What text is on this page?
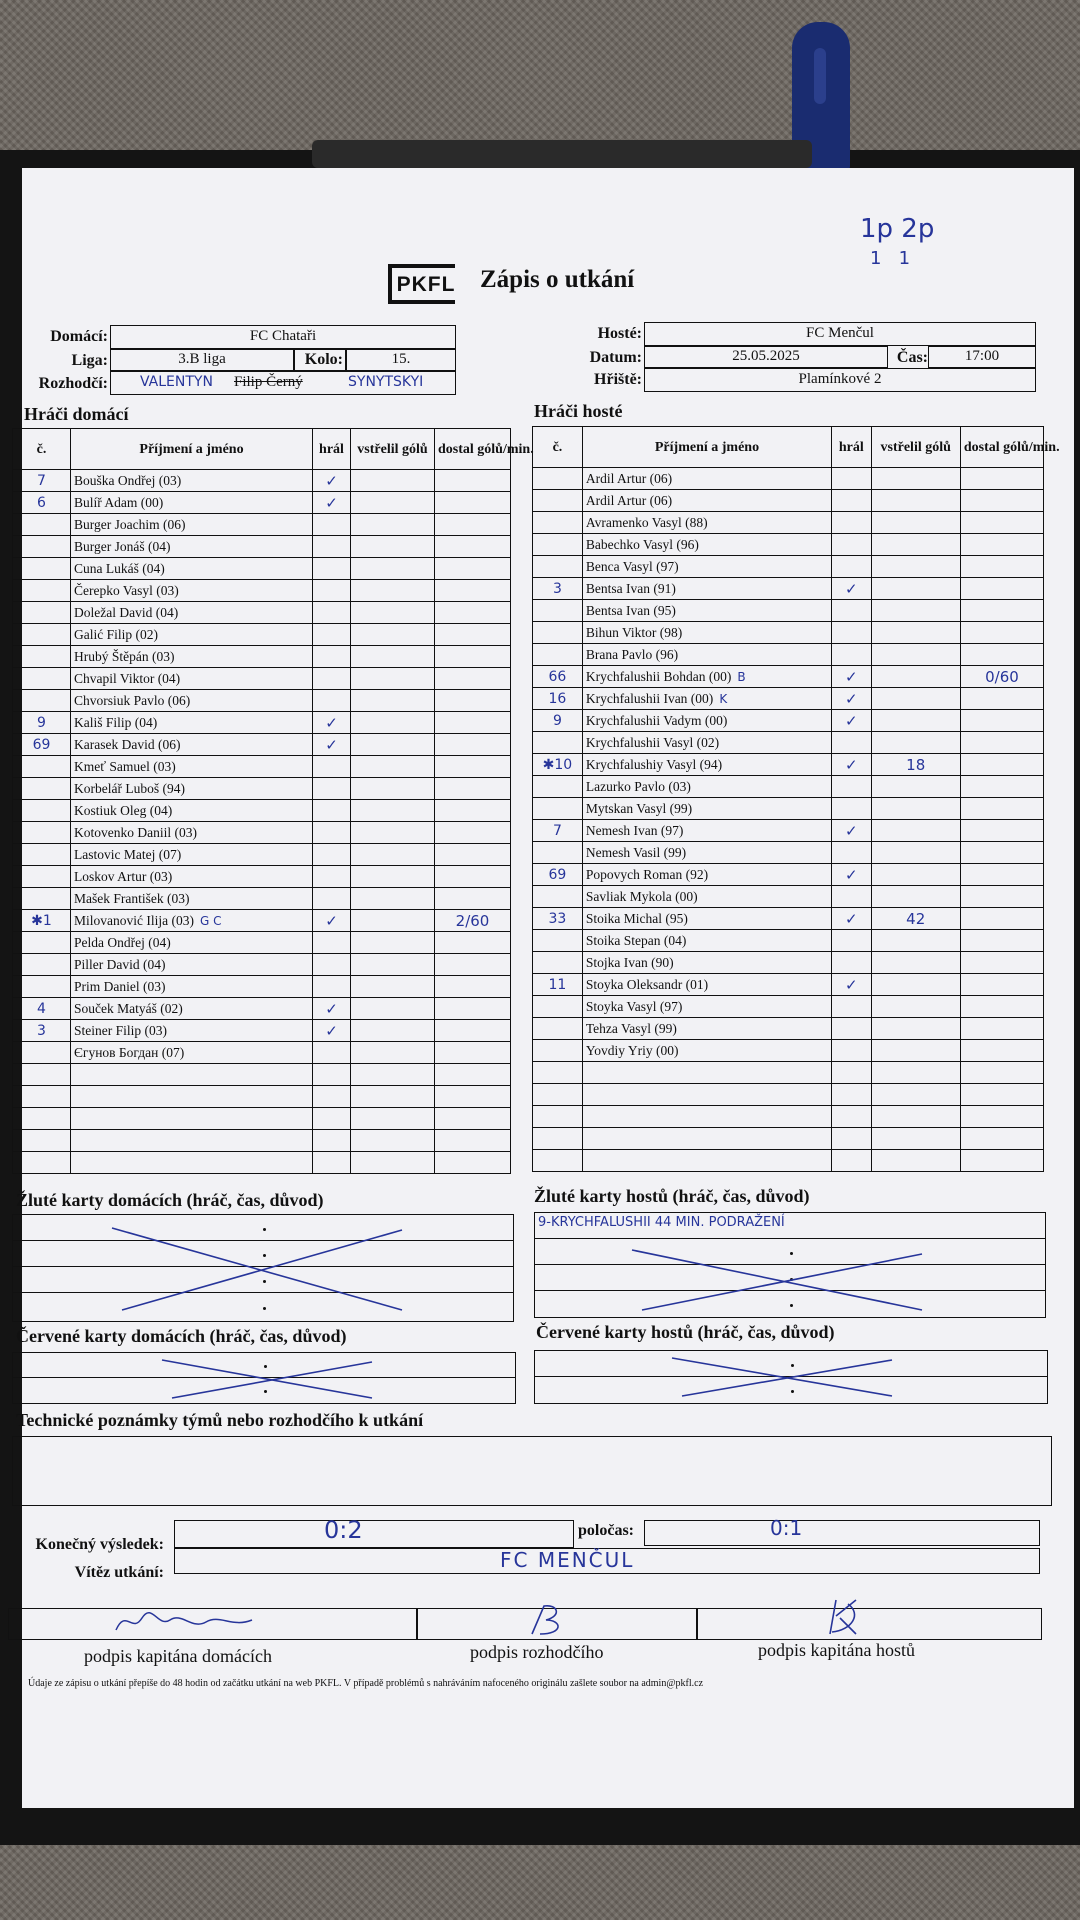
PKFL Zápis o utkání
1p 2p
1   1
Domácí:	FC Chataři
Liga:	3.B liga	Kolo:	15.
Rozhodčí: VALENTYN Filip Černý	SYNYTSKYI
Hosté:	FC Menčul
Datum:	25.05.2025	Čas:	17:00
Hřiště:	Plamínkové 2
Hráči domácí	Hráči hosté
č.	Příjmení a jméno	hrál	vstřelil gólů	dostal gólů/min.
7	Bouška Ondřej (03)	✓		
6	Bulíř Adam (00)	✓		
	Burger Joachim (06)			
	Burger Jonáš (04)			
	Cuna Lukáš (04)			
	Čerepko Vasyl (03)			
	Doležal David (04)			
	Galić Filip (02)			
	Hrubý Štěpán (03)			
	Chvapil Viktor (04)			
	Chvorsiuk Pavlo (06)			
9	Kališ Filip (04)	✓		
69	Karasek David (06)	✓		
	Kmeť Samuel (03)			
	Korbelář Luboš (94)			
	Kostiuk Oleg (04)			
	Kotovenko Daniil (03)			
	Lastovic Matej (07)			
	Loskov Artur (03)			
	Mašek František (03)			
✱1	Milovanović Ilija (03) G C	✓		2/60
	Pelda Ondřej (04)			
	Piller David (04)			
	Prim Daniel (03)			
4	Souček Matyáš (02)	✓		
3	Steiner Filip (03)	✓		
	Єгунов Богдан (07)			

č.	Příjmení a jméno	hrál	vstřelil gólů	dostal gólů/min.
	Ardil Artur (06)			
	Ardil Artur (06)			
	Avramenko Vasyl (88)			
	Babechko Vasyl (96)			
	Benca Vasyl (97)			
3	Bentsa Ivan (91)	✓		
	Bentsa Ivan (95)			
	Bihun Viktor (98)			
	Brana Pavlo (96)			
66	Krychfalushii Bohdan (00) B	✓		0/60
16	Krychfalushii Ivan (00) K	✓		
9	Krychfalushii Vadym (00)	✓		
	Krychfalushii Vasyl (02)			
✱10	Krychfalushiy Vasyl (94)	✓	18	
	Lazurko Pavlo (03)			
	Mytskan Vasyl (99)			
7	Nemesh Ivan (97)	✓		
	Nemesh Vasil (99)			
69	Popovych Roman (92)	✓		
	Savliak Mykola (00)			
33	Stoika Michal (95)	✓	42	
	Stoika Stepan (04)			
	Stojka Ivan (90)			
11	Stoyka Oleksandr (01)	✓		
	Stoyka Vasyl (97)			
	Tehza Vasyl (99)			
	Yovdiy Yriy (00)			

Žluté karty domácích (hráč, čas, důvod)	Žluté karty hostů (hráč, čas, důvod)
9-KRYCHFALUSHII 44 MIN. PODRAŽENÍ
Červené karty domácích (hráč, čas, důvod)	Červené karty hostů (hráč, čas, důvod)
Technické poznámky týmů nebo rozhodčího k utkání
Konečný výsledek:
0:2	poločas:	0:1
Vítěz utkání:
FC MENČUL
podpis kapitána domácích	podpis rozhodčího	podpis kapitána hostů
Údaje ze zápisu o utkání přepíše do 48 hodin od začátku utkání na web PKFL. V případě problémů s nahráváním nafoceného originálu zašlete soubor na admin@pkfl.cz
